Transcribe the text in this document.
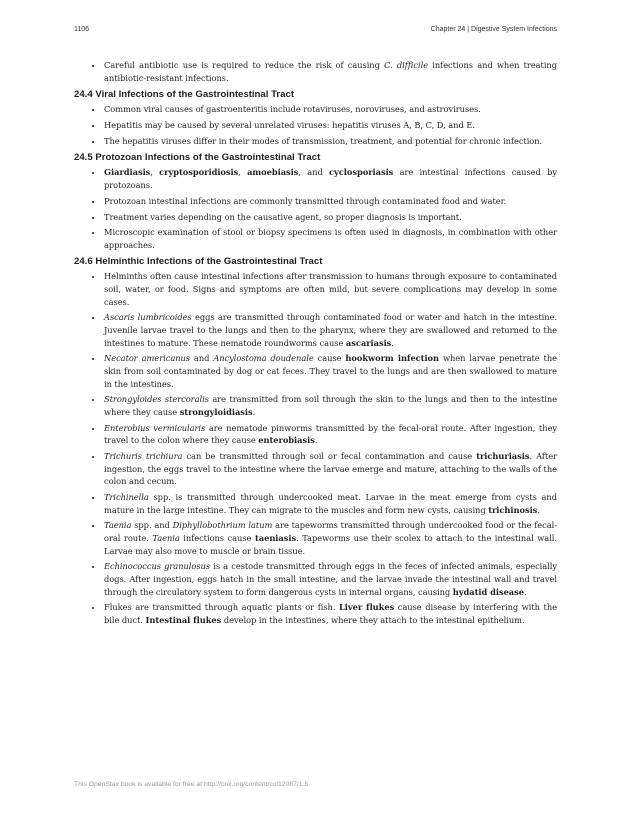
1106	Chapter 24 | Digestive System Infections
• Careful antibiotic use is required to reduce the risk of causing C. difficile infections and when treating antibiotic-resistant infections.
24.4 Viral Infections of the Gastrointestinal Tract
• Common viral causes of gastroenteritis include rotaviruses, noroviruses, and astroviruses.
• Hepatitis may be caused by several unrelated viruses: hepatitis viruses A, B, C, D, and E.
• The hepatitis viruses differ in their modes of transmission, treatment, and potential for chronic infection.
24.5 Protozoan Infections of the Gastrointestinal Tract
• Giardiasis, cryptosporidiosis, amoebiasis, and cyclosporiasis are intestinal infections caused by protozoans.
• Protozoan intestinal infections are commonly transmitted through contaminated food and water.
• Treatment varies depending on the causative agent, so proper diagnosis is important.
• Microscopic examination of stool or biopsy specimens is often used in diagnosis, in combination with other approaches.
24.6 Helminthic Infections of the Gastrointestinal Tract
• Helminths often cause intestinal infections after transmission to humans through exposure to contaminated soil, water, or food. Signs and symptoms are often mild, but severe complications may develop in some cases.
• Ascaris lumbricoides eggs are transmitted through contaminated food or water and hatch in the intestine. Juvenile larvae travel to the lungs and then to the pharynx, where they are swallowed and returned to the intestines to mature. These nematode roundworms cause ascariasis.
• Necator americanus and Ancylostoma doudenale cause hookworm infection when larvae penetrate the skin from soil contaminated by dog or cat feces. They travel to the lungs and are then swallowed to mature in the intestines.
• Strongyloides stercoralis are transmitted from soil through the skin to the lungs and then to the intestine where they cause strongyloidiasis.
• Enterobius vermicularis are nematode pinworms transmitted by the fecal-oral route. After ingestion, they travel to the colon where they cause enterobiasis.
• Trichuris trichiura can be transmitted through soil or fecal contamination and cause trichuriasis. After ingestion, the eggs travel to the intestine where the larvae emerge and mature, attaching to the walls of the colon and cecum.
• Trichinella spp. is transmitted through undercooked meat. Larvae in the meat emerge from cysts and mature in the large intestine. They can migrate to the muscles and form new cysts, causing trichinosis.
• Taenia spp. and Diphyllobothrium latum are tapeworms transmitted through undercooked food or the fecal-oral route. Taenia infections cause taeniasis. Tapeworms use their scolex to attach to the intestinal wall. Larvae may also move to muscle or brain tissue.
• Echinococcus granulosus is a cestode transmitted through eggs in the feces of infected animals, especially dogs. After ingestion, eggs hatch in the small intestine, and the larvae invade the intestinal wall and travel through the circulatory system to form dangerous cysts in internal organs, causing hydatid disease.
• Flukes are transmitted through aquatic plants or fish. Liver flukes cause disease by interfering with the bile duct. Intestinal flukes develop in the intestines, where they attach to the intestinal epithelium.
This OpenStax book is available for free at http://cnx.org/content/col12087/1.5
